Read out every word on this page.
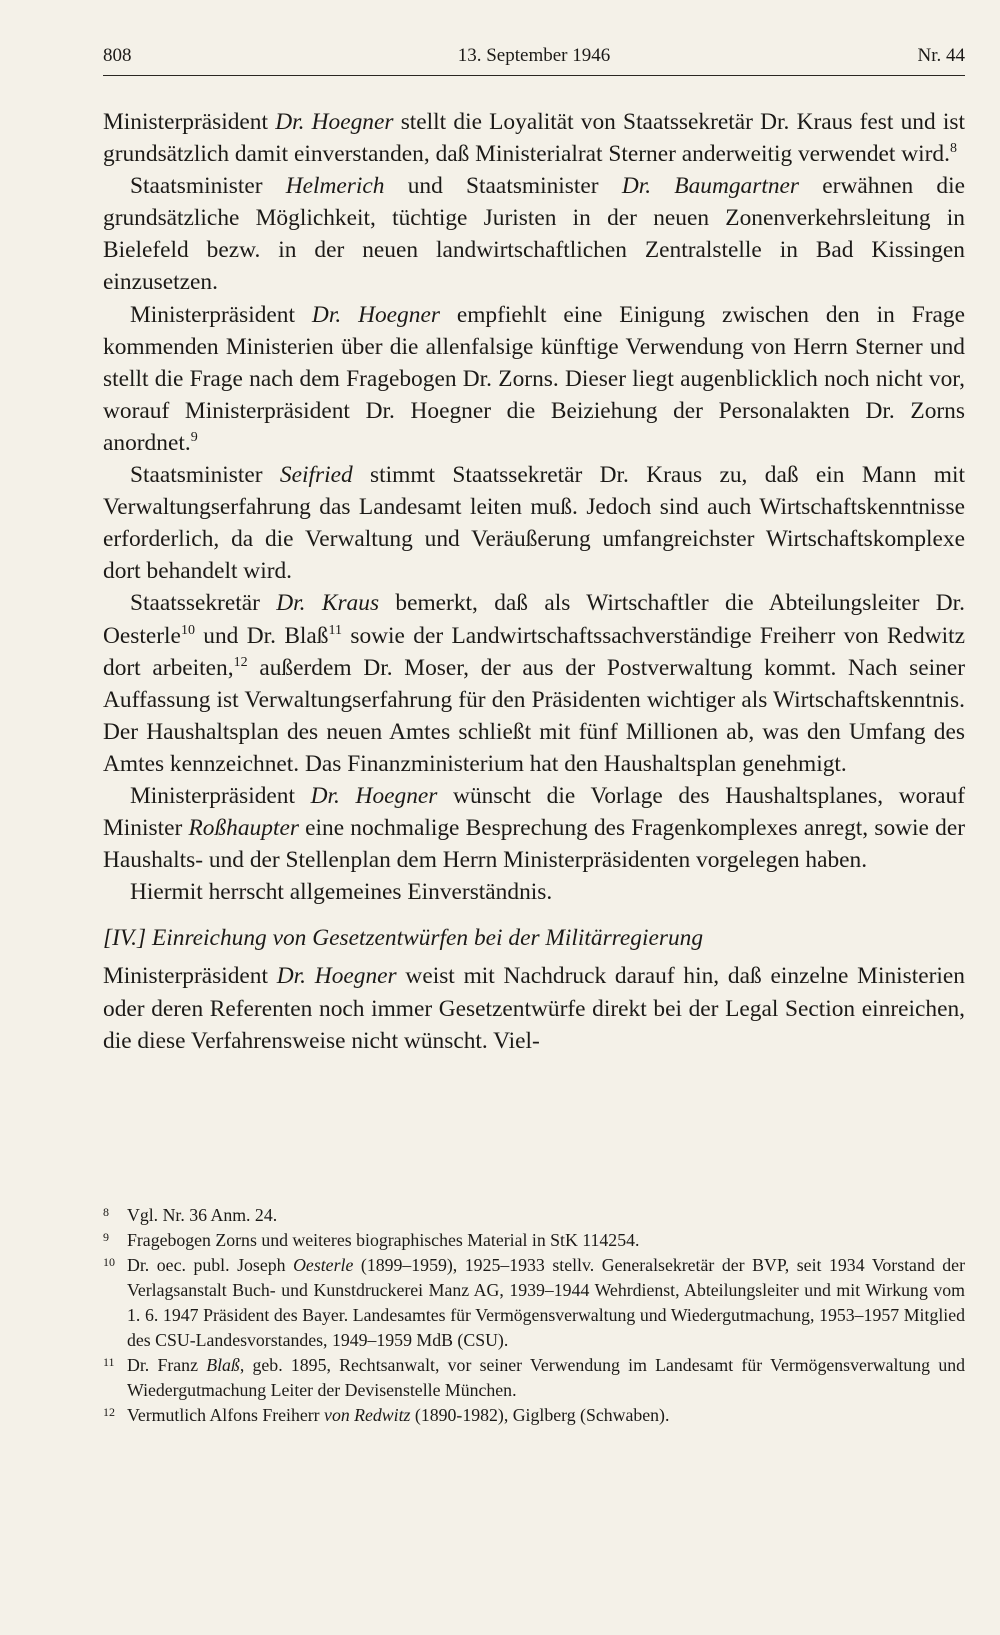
808	13. September 1946	Nr. 44

Ministerpräsident Dr. Hoegner stellt die Loyalität von Staatssekretär Dr. Kraus fest und ist grundsätzlich damit einverstanden, daß Ministerialrat Sterner anderweitig verwendet wird.$^8$

Staatsminister Helmerich und Staatsminister Dr. Baumgartner erwähnen die grundsätzliche Möglichkeit, tüchtige Juristen in der neuen Zonenverkehrsleitung in Bielefeld bezw. in der neuen landwirtschaftlichen Zentralstelle in Bad Kissingen einzusetzen.

Ministerpräsident Dr. Hoegner empfiehlt eine Einigung zwischen den in Frage kommenden Ministerien über die allenfalsige künftige Verwendung von Herrn Sterner und stellt die Frage nach dem Fragebogen Dr. Zorns. Dieser liegt augenblicklich noch nicht vor, worauf Ministerpräsident Dr. Hoegner die Beiziehung der Personalakten Dr. Zorns anordnet.$^9$

Staatsminister Seifried stimmt Staatssekretär Dr. Kraus zu, daß ein Mann mit Verwaltungserfahrung das Landesamt leiten muß. Jedoch sind auch Wirtschaftskenntnisse erforderlich, da die Verwaltung und Veräußerung umfangreichster Wirtschaftskomplexe dort behandelt wird.

Staatssekretär Dr. Kraus bemerkt, daß als Wirtschaftler die Abteilungsleiter Dr. Oesterle$^{10}$ und Dr. Blaß$^{11}$ sowie der Landwirtschaftssachverständige Freiherr von Redwitz dort arbeiten,$^{12}$ außerdem Dr. Moser, der aus der Postverwaltung kommt. Nach seiner Auffassung ist Verwaltungserfahrung für den Präsidenten wichtiger als Wirtschaftskenntnis. Der Haushaltsplan des neuen Amtes schließt mit fünf Millionen ab, was den Umfang des Amtes kennzeichnet. Das Finanzministerium hat den Haushaltsplan genehmigt.

Ministerpräsident Dr. Hoegner wünscht die Vorlage des Haushaltsplanes, worauf Minister Roßhaupter eine nochmalige Besprechung des Fragenkomplexes anregt, sowie der Haushalts- und der Stellenplan dem Herrn Ministerpräsidenten vorgelegen haben.

Hiermit herrscht allgemeines Einverständnis.

[IV.] Einreichung von Gesetzentwürfen bei der Militärregierung

Ministerpräsident Dr. Hoegner weist mit Nachdruck darauf hin, daß einzelne Ministerien oder deren Referenten noch immer Gesetzentwürfe direkt bei der Legal Section einreichen, die diese Verfahrensweise nicht wünscht. Viel-

8 Vgl. Nr. 36 Anm. 24.

9 Fragebogen Zorns und weiteres biographisches Material in StK 114254.

10 Dr. oec. publ. Joseph Oesterle (1899–1959), 1925–1933 stellv. Generalsekretär der BVP, seit 1934 Vorstand der Verlagsanstalt Buch- und Kunstdruckerei Manz AG, 1939–1944 Wehrdienst, Abteilungsleiter und mit Wirkung vom 1. 6. 1947 Präsident des Bayer. Landesamtes für Vermögensverwaltung und Wiedergutmachung, 1953–1957 Mitglied des CSU-Landesvorstandes, 1949–1959 MdB (CSU).

11 Dr. Franz Blaß, geb. 1895, Rechtsanwalt, vor seiner Verwendung im Landesamt für Vermögensverwaltung und Wiedergutmachung Leiter der Devisenstelle München.

12 Vermutlich Alfons Freiherr von Redwitz (1890-1982), Giglberg (Schwaben).
